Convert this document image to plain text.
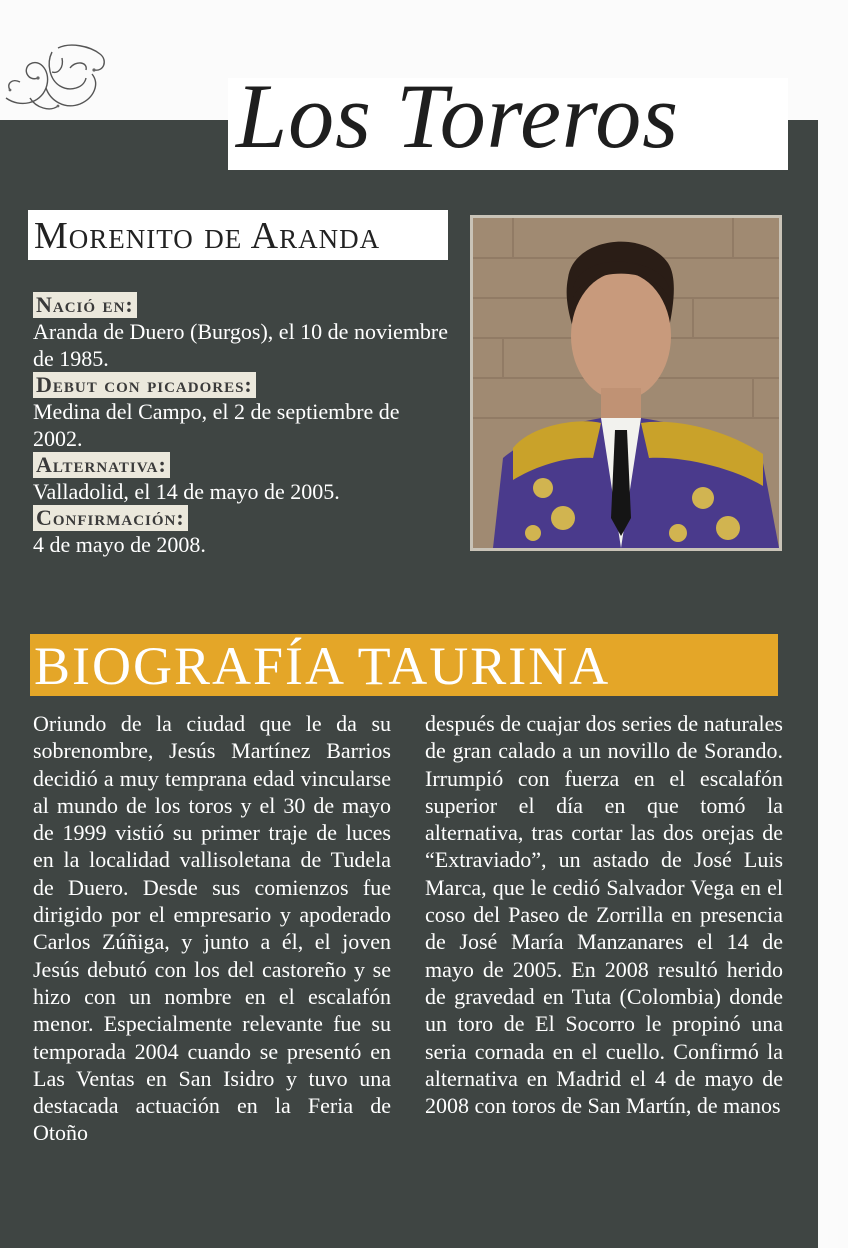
Los Toreros
Morenito de Aranda
Nació en:

Aranda de Duero (Burgos), el 10 de noviembre de 1985.

Debut con picadores:

Medina del Campo, el 2 de septiembre de 2002.

Alternativa:

Valladolid, el 14 de mayo de 2005.

Confirmación:

4 de mayo de 2008.

BIOGRAFÍA TAURINA

Oriundo de la ciudad que le da su sobrenombre, Jesús Martínez Barrios decidió a muy temprana edad vincularse al mundo de los toros y el 30 de mayo de 1999 vistió su primer traje de luces en la localidad vallisoletana de Tudela de Duero. Desde sus comienzos fue dirigido por el empresario y apoderado Carlos Zúñiga, y junto a él, el joven Jesús debutó con los del castoreño y se hizo con un nombre en el escalafón menor. Especialmente relevante fue su temporada 2004 cuando se presentó en Las Ventas en San Isidro y tuvo una destacada actuación en la Feria de Otoño

después de cuajar dos series de naturales de gran calado a un novillo de Sorando. Irrumpió con fuerza en el escalafón superior el día en que tomó la alternativa, tras cortar las dos orejas de “Extraviado”, un astado de José Luis Marca, que le cedió Salvador Vega en el coso del Paseo de Zorrilla en presencia de José María Manzanares el 14 de mayo de 2005. En 2008 resultó herido de gravedad en Tuta (Colombia) donde un toro de El Socorro le propinó una seria cornada en el cuello. Confirmó la alternativa en Madrid el 4 de mayo de 2008 con toros de San Martín, de manos
